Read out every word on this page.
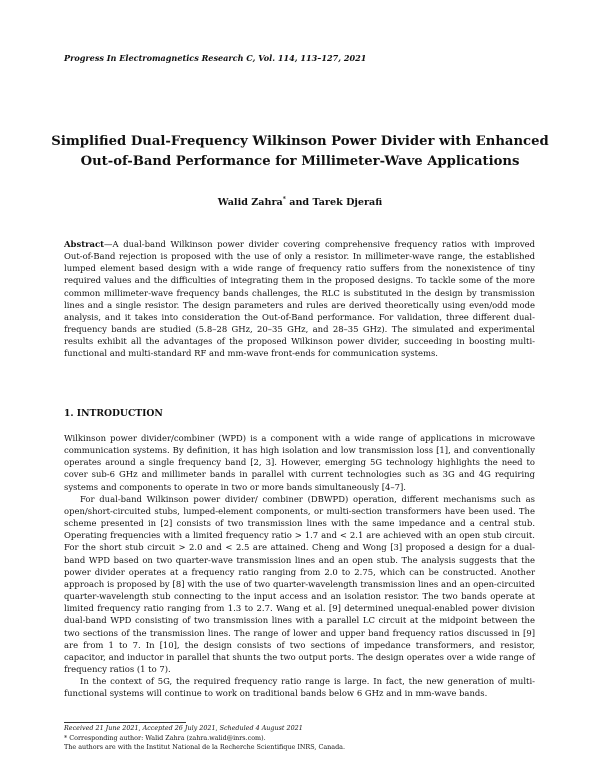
Progress In Electromagnetics Research C, Vol. 114, 113–127, 2021
Simplified Dual-Frequency Wilkinson Power Divider with Enhanced
Out-of-Band Performance for Millimeter-Wave Applications
Walid Zahra* and Tarek Djerafi
Abstract—A dual-band Wilkinson power divider covering comprehensive frequency ratios with improved Out-of-Band rejection is proposed with the use of only a resistor. In millimeter-wave range, the established lumped element based design with a wide range of frequency ratio suffers from the nonexistence of tiny required values and the difficulties of integrating them in the proposed designs. To tackle some of the more common millimeter-wave frequency bands challenges, the RLC is substituted in the design by transmission lines and a single resistor. The design parameters and rules are derived theoretically using even/odd mode analysis, and it takes into consideration the Out-of-Band performance. For validation, three different dual-frequency bands are studied (5.8–28 GHz, 20–35 GHz, and 28–35 GHz). The simulated and experimental results exhibit all the advantages of the proposed Wilkinson power divider, succeeding in boosting multi-functional and multi-standard RF and mm-wave front-ends for communication systems.
1. INTRODUCTION

Wilkinson power divider/combiner (WPD) is a component with a wide range of applications in microwave communication systems. By definition, it has high isolation and low transmission loss [1], and conventionally operates around a single frequency band [2, 3]. However, emerging 5G technology highlights the need to cover sub-6 GHz and millimeter bands in parallel with current technologies such as 3G and 4G requiring systems and components to operate in two or more bands simultaneously [4–7].

For dual-band Wilkinson power divider/ combiner (DBWPD) operation, different mechanisms such as open/short-circuited stubs, lumped-element components, or multi-section transformers have been used. The scheme presented in [2] consists of two transmission lines with the same impedance and a central stub. Operating frequencies with a limited frequency ratio > 1.7 and < 2.1 are achieved with an open stub circuit. For the short stub circuit > 2.0 and < 2.5 are attained. Cheng and Wong [3] proposed a design for a dual-band WPD based on two quarter-wave transmission lines and an open stub. The analysis suggests that the power divider operates at a frequency ratio ranging from 2.0 to 2.75, which can be constructed. Another approach is proposed by [8] with the use of two quarter-wavelength transmission lines and an open-circuited quarter-wavelength stub connecting to the input access and an isolation resistor. The two bands operate at limited frequency ratio ranging from 1.3 to 2.7. Wang et al. [9] determined unequal-enabled power division dual-band WPD consisting of two transmission lines with a parallel LC circuit at the midpoint between the two sections of the transmission lines. The range of lower and upper band frequency ratios discussed in [9] are from 1 to 7. In [10], the design consists of two sections of impedance transformers, and resistor, capacitor, and inductor in parallel that shunts the two output ports. The design operates over a wide range of frequency ratios (1 to 7).

In the context of 5G, the required frequency ratio range is large. In fact, the new generation of multi-functional systems will continue to work on traditional bands below 6 GHz and in mm-wave bands.

Received 21 June 2021, Accepted 26 July 2021, Scheduled 4 August 2021
* Corresponding author: Walid Zahra (zahra.walid@inrs.com).
The authors are with the Institut National de la Recherche Scientifique INRS, Canada.
